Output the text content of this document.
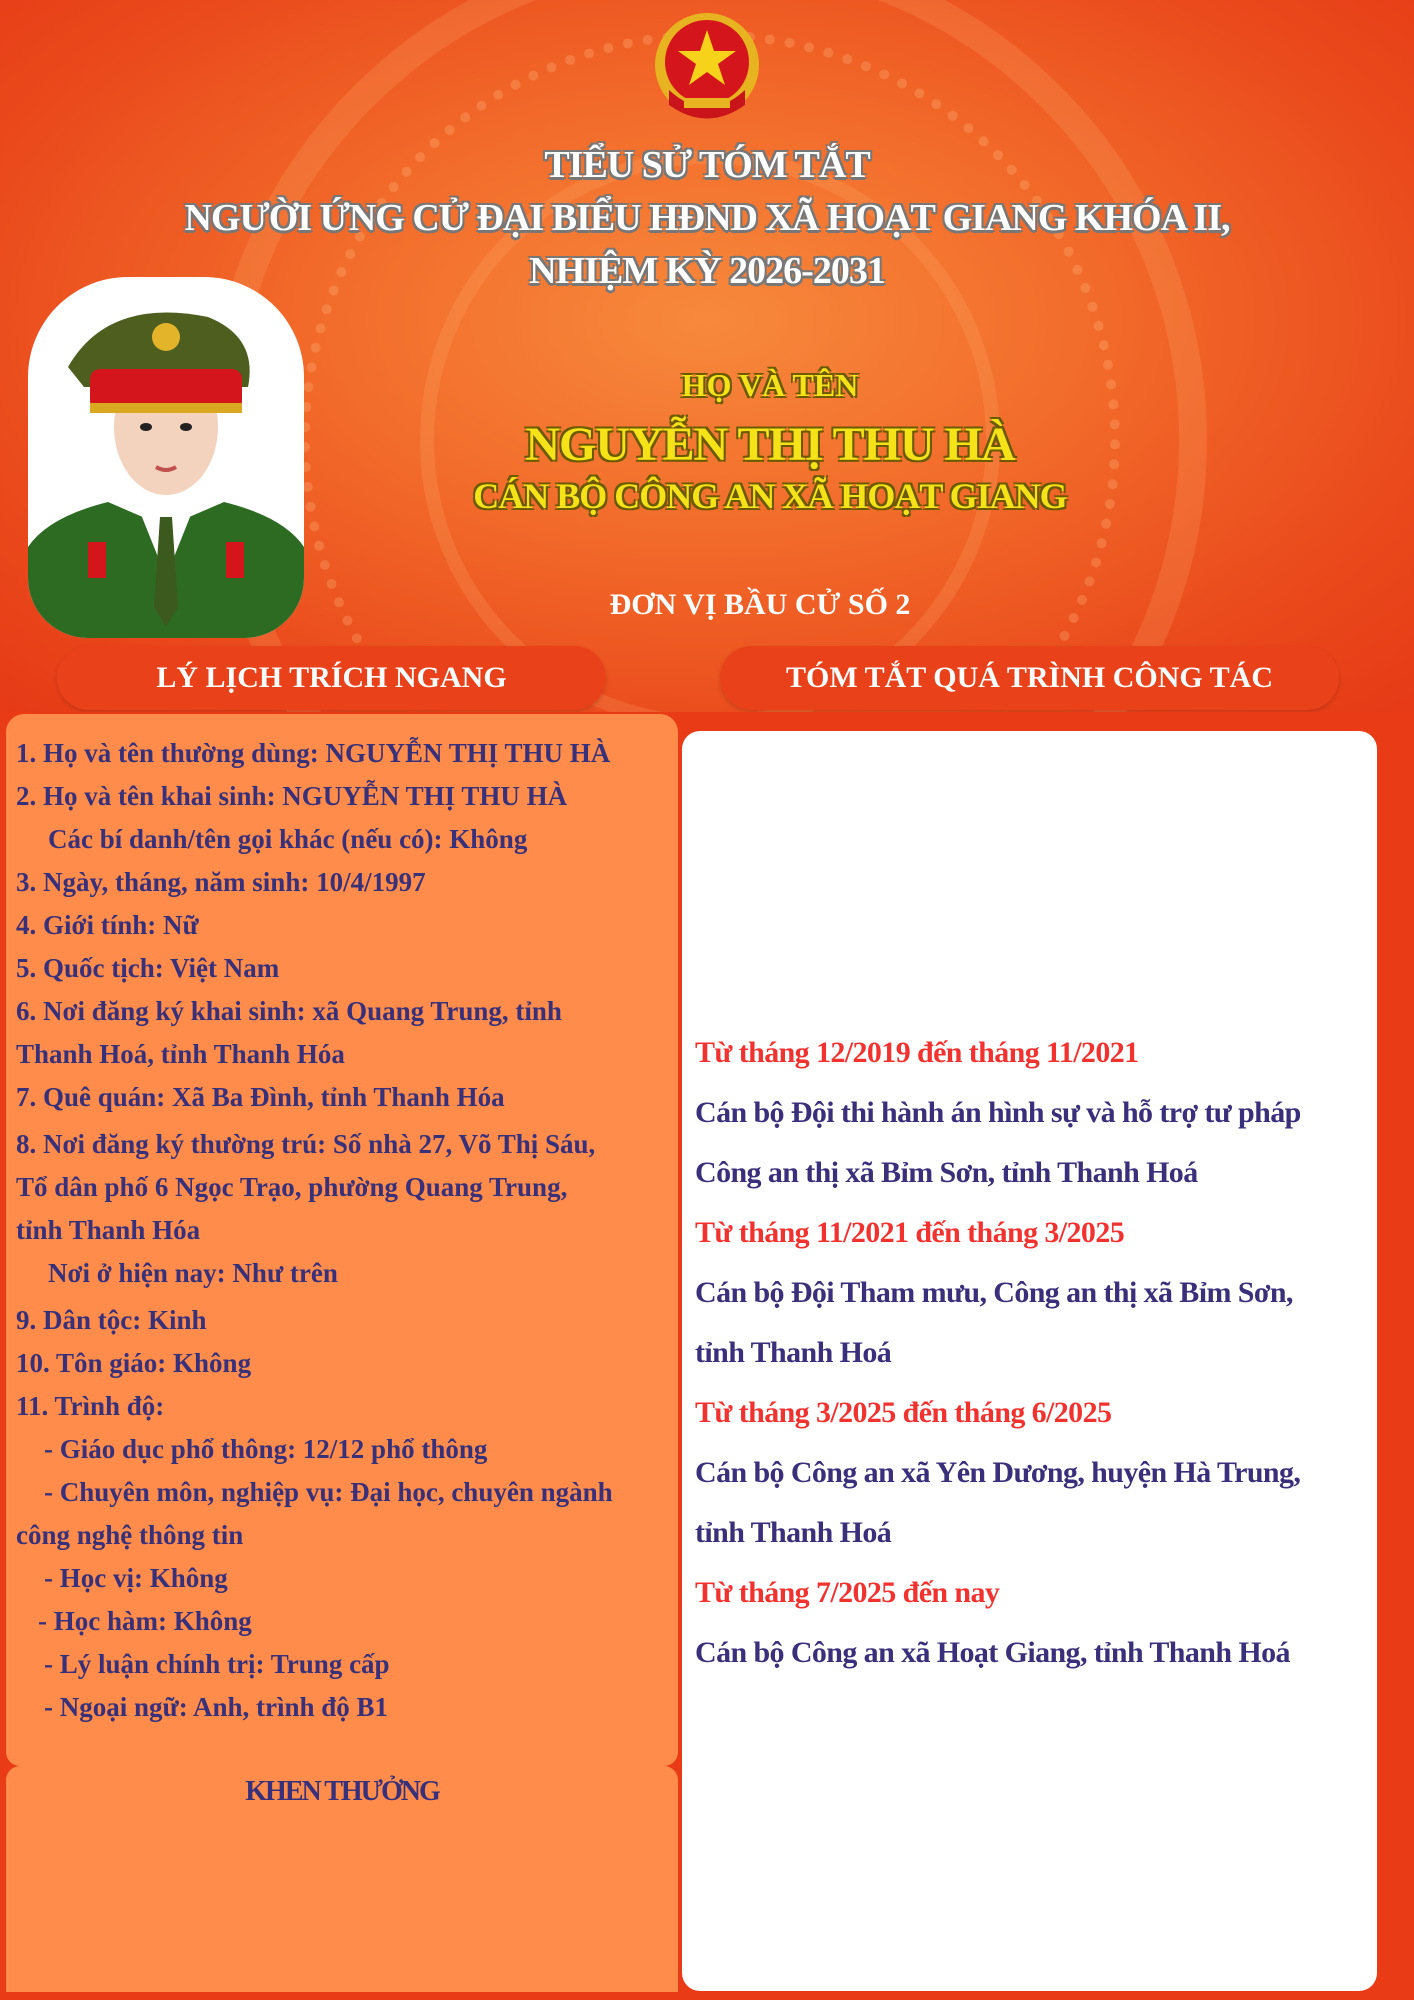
TIỂU SỬ TÓM TẮT
NGƯỜI ỨNG CỬ ĐẠI BIỂU HĐND XÃ HOẠT GIANG KHÓA II,
NHIỆM KỲ 2026-2031
HỌ VÀ TÊN
NGUYỄN THỊ THU HÀ
CÁN BỘ CÔNG AN XÃ HOẠT GIANG
ĐƠN VỊ BẦU CỬ SỐ 2
LÝ LỊCH TRÍCH NGANG	TÓM TẮT QUÁ TRÌNH CÔNG TÁC
1. Họ và tên thường dùng: NGUYỄN THỊ THU HÀ
2. Họ và tên khai sinh: NGUYỄN THỊ THU HÀ
Các bí danh/tên gọi khác (nếu có): Không
3. Ngày, tháng, năm sinh: 10/4/1997
4. Giới tính: Nữ
5. Quốc tịch: Việt Nam
6. Nơi đăng ký khai sinh: xã Quang Trung, tỉnh
Thanh Hoá, tỉnh Thanh Hóa
7. Quê quán: Xã Ba Đình, tỉnh Thanh Hóa
8. Nơi đăng ký thường trú: Số nhà 27, Võ Thị Sáu,
Tổ dân phố 6 Ngọc Trạo, phường Quang Trung,
tỉnh Thanh Hóa
Nơi ở hiện nay: Như trên
9. Dân tộc: Kinh
10. Tôn giáo: Không
11. Trình độ:
- Giáo dục phổ thông: 12/12 phổ thông
- Chuyên môn, nghiệp vụ: Đại học, chuyên ngành
công nghệ thông tin
- Học vị: Không
- Học hàm: Không
- Lý luận chính trị: Trung cấp
- Ngoại ngữ: Anh, trình độ B1
KHEN THƯỞNG
Từ tháng 12/2019 đến tháng 11/2021
Cán bộ Đội thi hành án hình sự và hỗ trợ tư pháp
Công an thị xã Bỉm Sơn, tỉnh Thanh Hoá
Từ tháng 11/2021 đến tháng 3/2025
Cán bộ Đội Tham mưu, Công an thị xã Bỉm Sơn,
tỉnh Thanh Hoá
Từ tháng 3/2025 đến tháng 6/2025
Cán bộ Công an xã Yên Dương, huyện Hà Trung,
tỉnh Thanh Hoá
Từ tháng 7/2025 đến nay
Cán bộ Công an xã Hoạt Giang, tỉnh Thanh Hoá
